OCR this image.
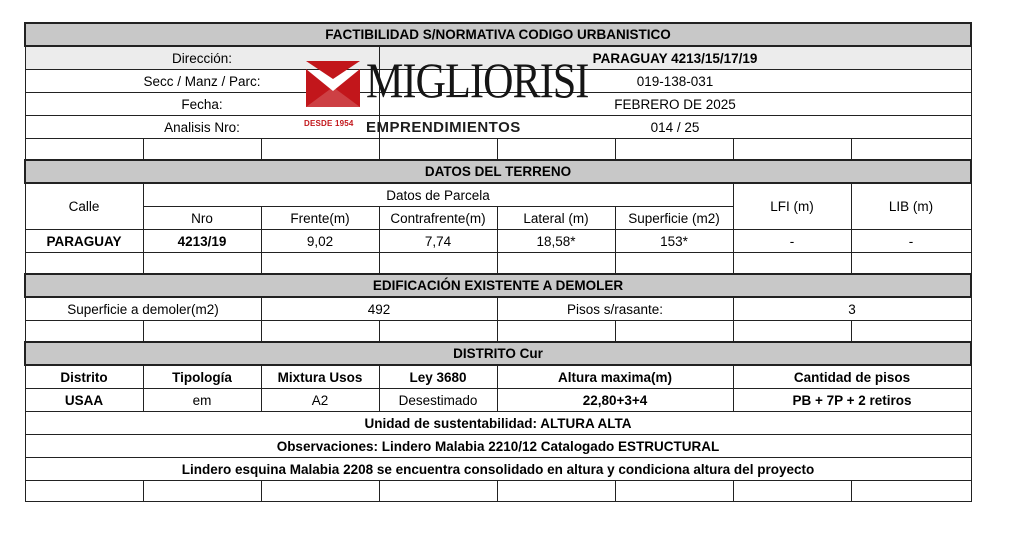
FACTIBILIDAD S/NORMATIVA CODIGO URBANISTICO							
Dirección:			PARAGUAY 4213/15/17/19				
Secc / Manz / Parc:			019-138-031				
Fecha:			FEBRERO DE 2025				
Analisis Nro:			014 / 25				

DATOS DEL TERRENO							
Calle	Datos de Parcela					LFI (m)	LIB (m)
	Nro	Frente(m)	Contrafrente(m)	Lateral (m)	Superficie (m2)		
PARAGUAY	4213/19	9,02	7,74	18,58*	153*	-	-

EDIFICACIÓN EXISTENTE A DEMOLER							
Superficie a demoler(m2)		492		Pisos s/rasante:		3	

DISTRITO Cur							
Distrito	Tipología	Mixtura Usos	Ley 3680	Altura maxima(m)		Cantidad de pisos	
USAA	em	A2	Desestimado	22,80+3+4		PB + 7P + 2 retiros	
Unidad de sustentabilidad: ALTURA ALTA							
Observaciones: Lindero Malabia 2210/12 Catalogado ESTRUCTURAL							
Lindero esquina Malabia 2208 se encuentra consolidado en altura y condiciona altura del proyecto							

DESDE 1954
MIGLIORISI
EMPRENDIMIENTOS
